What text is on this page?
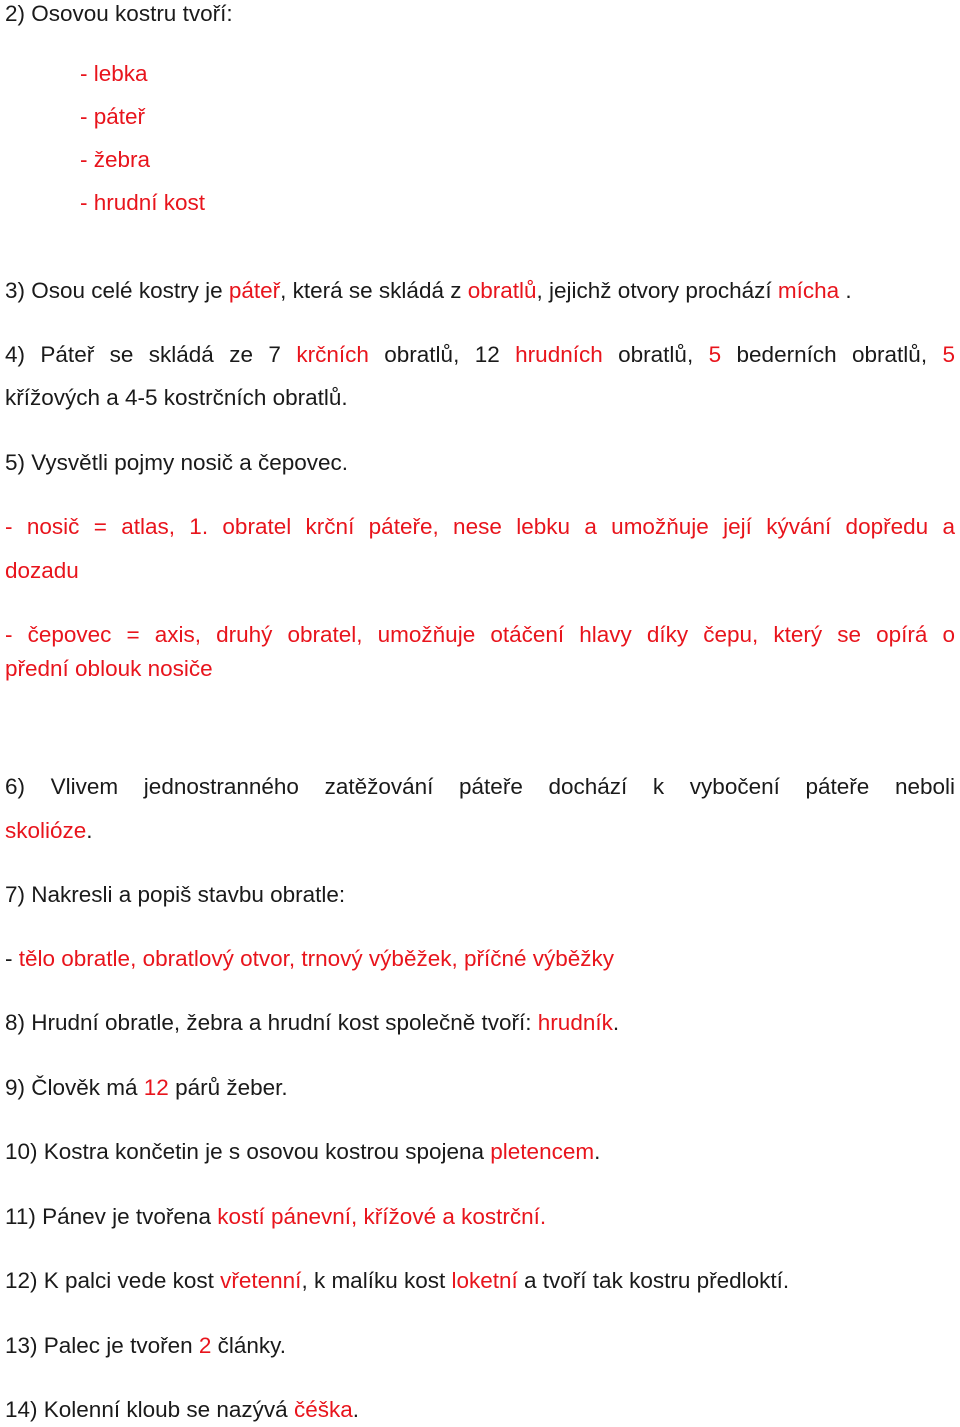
2) Osovou kostru tvoří:
- lebka
- páteř
- žebra
- hrudní kost
3) Osou celé kostry je páteř, která se skládá z obratlů, jejichž otvory prochází mícha .
4) Páteř se skládá ze 7 krčních obratlů, 12 hrudních obratlů, 5 bederních obratlů, 5
křížových a 4-5 kostrčních obratlů.
5) Vysvětli pojmy nosič a čepovec.
- nosič = atlas, 1. obratel krční páteře, nese lebku a umožňuje její kývání dopředu a
dozadu
- čepovec = axis, druhý obratel, umožňuje otáčení hlavy díky čepu, který se opírá o
přední oblouk nosiče
6) Vlivem jednostranného zatěžování páteře dochází k vybočení páteře neboli
skolióze.
7) Nakresli a popiš stavbu obratle:
- tělo obratle, obratlový otvor, trnový výběžek, příčné výběžky
8) Hrudní obratle, žebra a hrudní kost společně tvoří: hrudník.
9) Člověk má 12 párů žeber.
10) Kostra končetin je s osovou kostrou spojena pletencem.
11) Pánev je tvořena kostí pánevní, křížové a kostrční.
12) K palci vede kost vřetenní, k malíku kost loketní a tvoří tak kostru předloktí.
13) Palec je tvořen 2 články.
14) Kolenní kloub se nazývá čéška.
